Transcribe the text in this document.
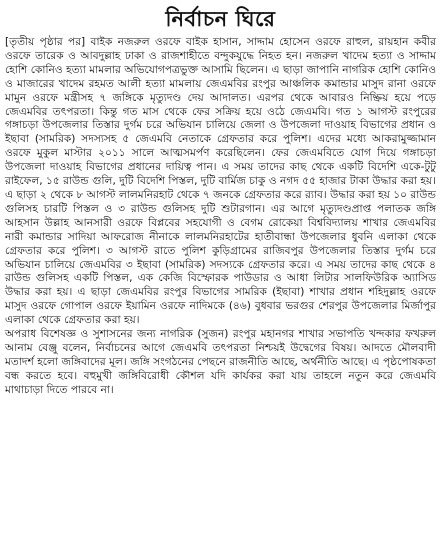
নির্বাচন ঘিরে

[তৃতীয় পৃষ্ঠার পর] বাইক নজরুল ওরফে বাইক হাসান, সাদ্দাম হোসেন ওরফে রাহুল, রায়হান কবীর ওরফে তারেক ও আবদুল্লাহ ঢাকা ও রাজশাহীতে বন্দুকযুদ্ধে নিহত হন। নজরুল খাদেম হত্যা ও সাদ্দাম হোশি কোনিও হত্যা মামলার অভিযোগপত্রভুক্ত আসামি ছিলেন। এ ছাড়া জাপানি নাগরিক হোশি কোনিও ও মাজারের খাদেম রহমত আলী হত্যা মামলায় জেএমবির রংপুর আঞ্চলিক কমান্ডার মাসুদ রানা ওরফে মামুন ওরফে মন্ত্রীসহ ৭ জঙ্গিকে মৃত্যুদণ্ড দেয় আদালত। এরপর থেকে আবারও নিষ্ক্রিয় হয়ে পড়ে জেএমবির তৎপরতা। কিন্তু গত মাস থেকে ফের সক্রিয় হয়ে ওঠে জেএমবি। গত ১ আগস্ট রংপুরের গঙ্গাচড়া উপজেলার তিস্তার দুর্গম চরে অভিযান চালিয়ে জেলা ও উপজেলা দাওয়াহ বিভাগের প্রধান ও ইছাবা (সামরিক) সদস্যসহ ৫ জেএমবি নেতাকে গ্রেফতার করে পুলিশ। এদের মধ্যে আকরামুজ্জামান ওরফে মুকুল মাস্টার ২০১১ সালে আত্মসমর্পণ করেছিলেন। ফের জেএমবিতে যোগ দিয়ে গঙ্গাচড়া উপজেলা দাওয়াহ বিভাগের প্রধানের দায়িত্ব পান। এ সময় তাদের কাছ থেকে একটি বিদেশি একে-টুটু রাইফেল, ১৫ রাউন্ড গুলি, দুটি বিদেশি পিস্তল, দুটি বার্মিজ চাকু ও নগদ ৫৫ হাজার টাকা উদ্ধার করা হয়।

এ ছাড়া ২ থেকে ৮ আগস্ট লালমনিরহাট থেকে ৭ জনকে গ্রেফতার করে র‍্যাব। উদ্ধার করা হয় ১০ রাউন্ড গুলিসহ চারটি পিস্তল ও ৩ রাউন্ড গুলিসহ দুটি শুটারগান। এর আগে মৃত্যুদণ্ডপ্রাপ্ত পলাতক জঙ্গি আহসান উল্লাহ আনসারী ওরফে বিপ্লবের সহযোগী ও বেগম রোকেয়া বিশ্ববিদ্যালয় শাখার জেএমবির নারী কমান্ডার সাদিয়া আফরোজ নীনাকে লালমনিরহাটের হাতীবান্ধা উপজেলার ধুবনি এলাকা থেকে গ্রেফতার করে পুলিশ। ৩ আগস্ট রাতে পুলিশ কুড়িগ্রামের রাজিবপুর উপজেলার তিস্তার দুর্গম চরে অভিযান চালিয়ে জেএমবির ৩ ইছাবা (সামরিক) সদস্যকে গ্রেফতার করে। এ সময় তাদের কাছ থেকে ৪ রাউন্ড গুলিসহ একটি পিস্তল, এক কেজি বিস্ফোরক পাউডার ও আধা লিটার সালফিউরিক অ্যাসিড উদ্ধার করা হয়। এ ছাড়া জেএমবির রংপুর বিভাগের সামরিক (ইছাবা) শাখার প্রধান শহিদুল্লাহ ওরফে মাসুদ ওরফে গোপাল ওরফে ইয়ামিন ওরফে নাদিমকে (৪৬) বুধবার ভরগুর শেরপুর উপজেলার মির্জাপুর এলাকা থেকে গ্রেফতার করা হয়।

অপরাধ বিশেষজ্ঞ ও সুশাসনের জন্য নাগরিক (সুজন) রংপুর মহানগর শাখার সভাপতি খন্দকার ফখরুল আনাম বেঞ্জু বলেন, নির্বাচনের আগে জেএমবি তৎপরতা নিশ্চয়ই উদ্বেগের বিষয়। আদতে মৌলবাদী মতাদর্শ হলো জঙ্গিবাদের মূল। জঙ্গি সংগঠনের পেছনে রাজনীতি আছে, অর্থনীতি আছে। এ পৃষ্ঠপোষকতা বন্ধ করতে হবে। বহুমুখী জঙ্গিবিরোধী কৌশল যদি কার্যকর করা যায় তাহলে নতুন করে জেএমবি মাথাচাড়া দিতে পারবে না।
